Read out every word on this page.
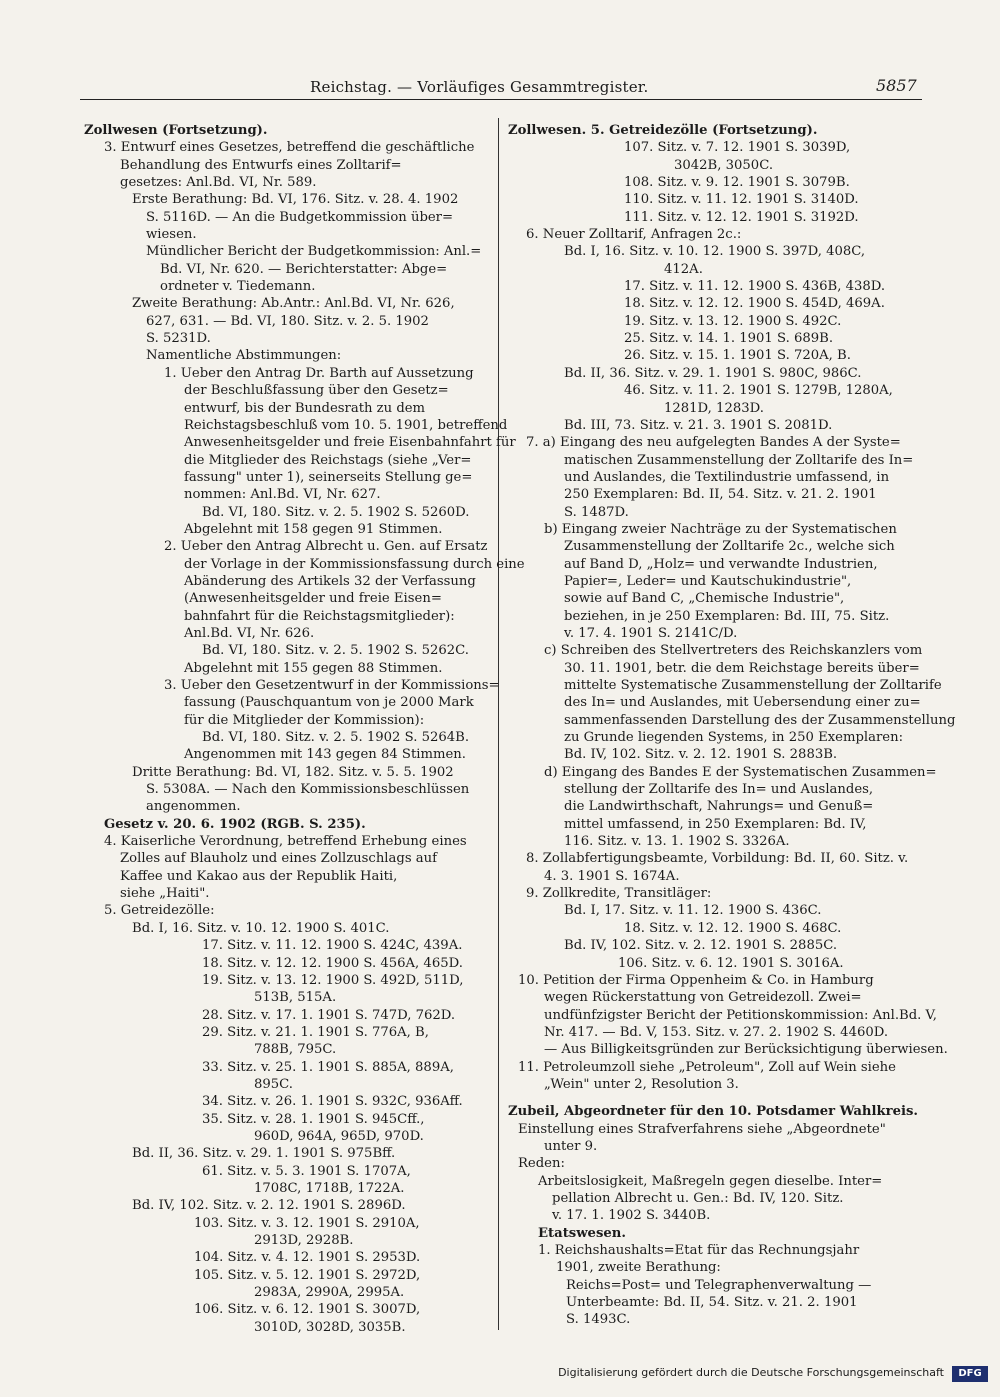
Reichstag. — Vorläufiges Gesammtregister.	5857

Zollwesen (Fortsetzung).

3. Entwurf eines Gesetzes, betreffend die geschäftliche

Behandlung des Entwurfs eines Zolltarif=

gesetzes: Anl.Bd. VI, Nr. 589.

Erste Berathung: Bd. VI, 176. Sitz. v. 28. 4. 1902

S. 5116D. — An die Budgetkommission über=

wiesen.

Mündlicher Bericht der Budgetkommission: Anl.=

Bd. VI, Nr. 620. — Berichterstatter: Abge=

ordneter v. Tiedemann.

Zweite Berathung: Ab.Antr.: Anl.Bd. VI, Nr. 626,

627, 631. — Bd. VI, 180. Sitz. v. 2. 5. 1902

S. 5231D.

Namentliche Abstimmungen:

1. Ueber den Antrag Dr. Barth auf Aussetzung

der Beschlußfassung über den Gesetz=

entwurf, bis der Bundesrath zu dem

Reichstagsbeschluß vom 10. 5. 1901, betreffend

Anwesenheitsgelder und freie Eisenbahnfahrt für

die Mitglieder des Reichstags (siehe „Ver=

fassung" unter 1), seinerseits Stellung ge=

nommen: Anl.Bd. VI, Nr. 627.

Bd. VI, 180. Sitz. v. 2. 5. 1902 S. 5260D.

Abgelehnt mit 158 gegen 91 Stimmen.

2. Ueber den Antrag Albrecht u. Gen. auf Ersatz

der Vorlage in der Kommissionsfassung durch eine

Abänderung des Artikels 32 der Verfassung

(Anwesenheitsgelder und freie Eisen=

bahnfahrt für die Reichstagsmitglieder):

Anl.Bd. VI, Nr. 626.

Bd. VI, 180. Sitz. v. 2. 5. 1902 S. 5262C.

Abgelehnt mit 155 gegen 88 Stimmen.

3. Ueber den Gesetzentwurf in der Kommissions=

fassung (Pauschquantum von je 2000 Mark

für die Mitglieder der Kommission):

Bd. VI, 180. Sitz. v. 2. 5. 1902 S. 5264B.

Angenommen mit 143 gegen 84 Stimmen.

Dritte Berathung: Bd. VI, 182. Sitz. v. 5. 5. 1902

S. 5308A. — Nach den Kommissionsbeschlüssen

angenommen.

Gesetz v. 20. 6. 1902 (RGB. S. 235).

4. Kaiserliche Verordnung, betreffend Erhebung eines

Zolles auf Blauholz und eines Zollzuschlags auf

Kaffee und Kakao aus der Republik Haiti,

siehe „Haiti".

5. Getreidezölle:

Bd. I, 16. Sitz. v. 10. 12. 1900 S. 401C.

17. Sitz. v. 11. 12. 1900 S. 424C, 439A.

18. Sitz. v. 12. 12. 1900 S. 456A, 465D.

19. Sitz. v. 13. 12. 1900 S. 492D, 511D,

513B, 515A.

28. Sitz. v. 17. 1. 1901 S. 747D, 762D.

29. Sitz. v. 21. 1. 1901 S. 776A, B,

788B, 795C.

33. Sitz. v. 25. 1. 1901 S. 885A, 889A,

895C.

34. Sitz. v. 26. 1. 1901 S. 932C, 936Aff.

35. Sitz. v. 28. 1. 1901 S. 945Cff.,

960D, 964A, 965D, 970D.

Bd. II, 36. Sitz. v. 29. 1. 1901 S. 975Bff.

61. Sitz. v. 5. 3. 1901 S. 1707A,

1708C, 1718B, 1722A.

Bd. IV, 102. Sitz. v. 2. 12. 1901 S. 2896D.

103. Sitz. v. 3. 12. 1901 S. 2910A,

2913D, 2928B.

104. Sitz. v. 4. 12. 1901 S. 2953D.

105. Sitz. v. 5. 12. 1901 S. 2972D,

2983A, 2990A, 2995A.

106. Sitz. v. 6. 12. 1901 S. 3007D,

3010D, 3028D, 3035B.

Zollwesen. 5. Getreidezölle (Fortsetzung).

107. Sitz. v. 7. 12. 1901 S. 3039D,

3042B, 3050C.

108. Sitz. v. 9. 12. 1901 S. 3079B.

110. Sitz. v. 11. 12. 1901 S. 3140D.

111. Sitz. v. 12. 12. 1901 S. 3192D.

6. Neuer Zolltarif, Anfragen 2c.:

Bd. I, 16. Sitz. v. 10. 12. 1900 S. 397D, 408C,

412A.

17. Sitz. v. 11. 12. 1900 S. 436B, 438D.

18. Sitz. v. 12. 12. 1900 S. 454D, 469A.

19. Sitz. v. 13. 12. 1900 S. 492C.

25. Sitz. v. 14. 1. 1901 S. 689B.

26. Sitz. v. 15. 1. 1901 S. 720A, B.

Bd. II, 36. Sitz. v. 29. 1. 1901 S. 980C, 986C.

46. Sitz. v. 11. 2. 1901 S. 1279B, 1280A,

1281D, 1283D.

Bd. III, 73. Sitz. v. 21. 3. 1901 S. 2081D.

7. a) Eingang des neu aufgelegten Bandes A der Syste=

matischen Zusammenstellung der Zolltarife des In=

und Auslandes, die Textilindustrie umfassend, in

250 Exemplaren: Bd. II, 54. Sitz. v. 21. 2. 1901

S. 1487D.

b) Eingang zweier Nachträge zu der Systematischen

Zusammenstellung der Zolltarife 2c., welche sich

auf Band D, „Holz= und verwandte Industrien,

Papier=, Leder= und Kautschukindustrie",

sowie auf Band C, „Chemische Industrie",

beziehen, in je 250 Exemplaren: Bd. III, 75. Sitz.

v. 17. 4. 1901 S. 2141C/D.

c) Schreiben des Stellvertreters des Reichskanzlers vom

30. 11. 1901, betr. die dem Reichstage bereits über=

mittelte Systematische Zusammenstellung der Zolltarife

des In= und Auslandes, mit Uebersendung einer zu=

sammenfassenden Darstellung des der Zusammenstellung

zu Grunde liegenden Systems, in 250 Exemplaren:

Bd. IV, 102. Sitz. v. 2. 12. 1901 S. 2883B.

d) Eingang des Bandes E der Systematischen Zusammen=

stellung der Zolltarife des In= und Auslandes,

die Landwirthschaft, Nahrungs= und Genuß=

mittel umfassend, in 250 Exemplaren: Bd. IV,

116. Sitz. v. 13. 1. 1902 S. 3326A.

8. Zollabfertigungsbeamte, Vorbildung: Bd. II, 60. Sitz. v.

4. 3. 1901 S. 1674A.

9. Zollkredite, Transitläger:

Bd. I, 17. Sitz. v. 11. 12. 1900 S. 436C.

18. Sitz. v. 12. 12. 1900 S. 468C.

Bd. IV, 102. Sitz. v. 2. 12. 1901 S. 2885C.

106. Sitz. v. 6. 12. 1901 S. 3016A.

10. Petition der Firma Oppenheim & Co. in Hamburg

wegen Rückerstattung von Getreidezoll. Zwei=

undfünfzigster Bericht der Petitionskommission: Anl.Bd. V,

Nr. 417. — Bd. V, 153. Sitz. v. 27. 2. 1902 S. 4460D.

— Aus Billigkeitsgründen zur Berücksichtigung überwiesen.

11. Petroleumzoll siehe „Petroleum", Zoll auf Wein siehe

„Wein" unter 2, Resolution 3.

Zubeil, Abgeordneter für den 10. Potsdamer Wahlkreis.

Einstellung eines Strafverfahrens siehe „Abgeordnete"

unter 9.

Reden:

Arbeitslosigkeit, Maßregeln gegen dieselbe. Inter=

pellation Albrecht u. Gen.: Bd. IV, 120. Sitz.

v. 17. 1. 1902 S. 3440B.

Etatswesen.

1. Reichshaushalts=Etat für das Rechnungsjahr

1901, zweite Berathung:

Reichs=Post= und Telegraphenverwaltung —

Unterbeamte: Bd. II, 54. Sitz. v. 21. 2. 1901

S. 1493C.

Digitalisierung gefördert durch die Deutsche Forschungsgemeinschaft	DFG
